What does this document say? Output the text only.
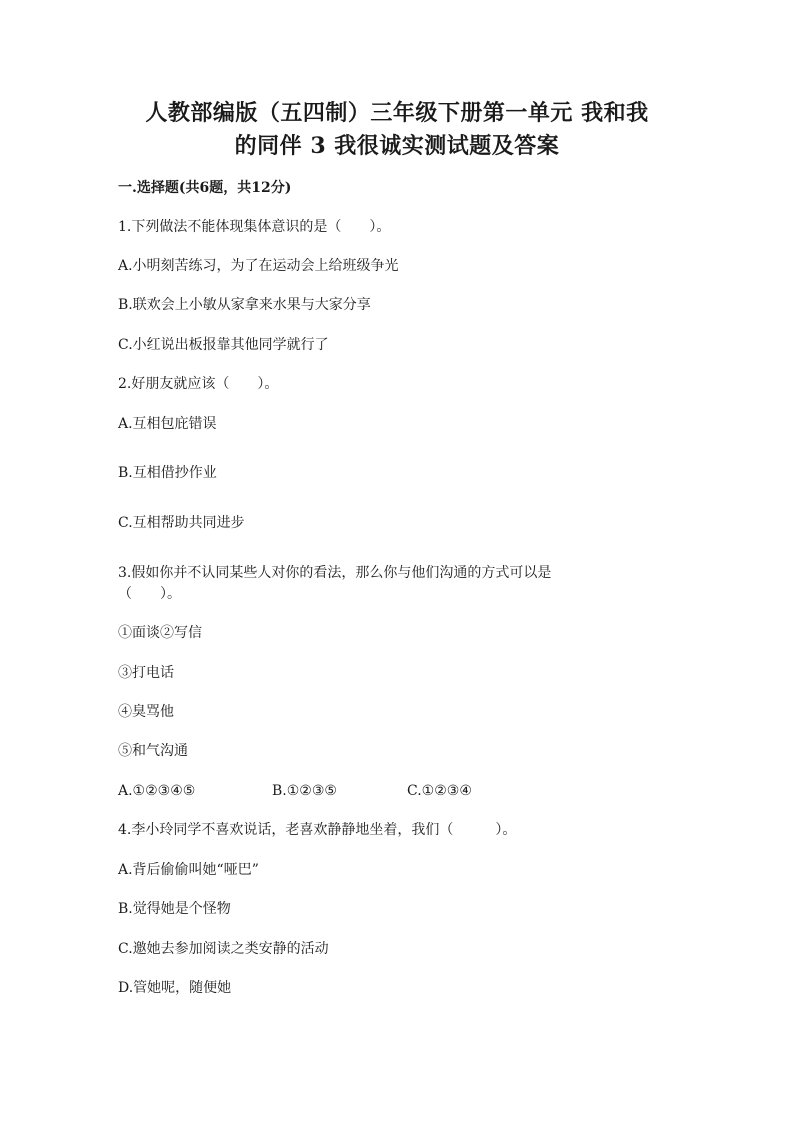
人教部编版（五四制）三年级下册第一单元 我和我
的同伴 3 我很诚实测试题及答案
一.选择题(共6题，共12分)
1.下列做法不能体现集体意识的是（　　）。
A.小明刻苦练习，为了在运动会上给班级争光
B.联欢会上小敏从家拿来水果与大家分享
C.小红说出板报靠其他同学就行了
2.好朋友就应该（　　）。
A.互相包庇错误
B.互相借抄作业
C.互相帮助共同进步
3.假如你并不认同某些人对你的看法，那么你与他们沟通的方式可以是
（　　）。
①面谈②写信
③打电话
④臭骂他
⑤和气沟通
A.①②③④⑤	B.①②③⑤	C.①②③④
4.李小玲同学不喜欢说话，老喜欢静静地坐着，我们（　　　）。
A.背后偷偷叫她“哑巴”
B.觉得她是个怪物
C.邀她去参加阅读之类安静的活动
D.管她呢，随便她
